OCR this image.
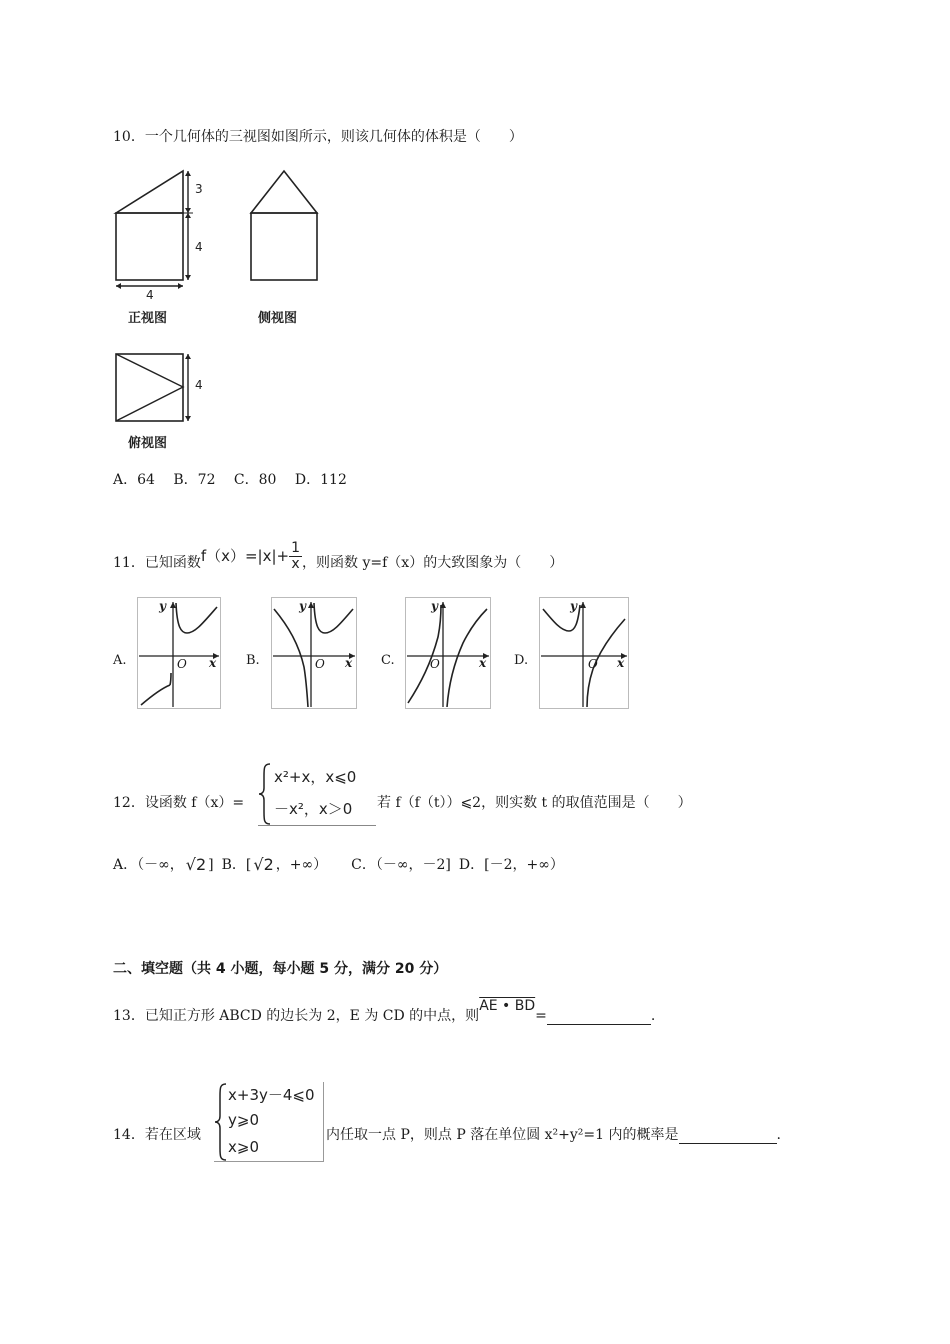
10．一个几何体的三视图如图所示，则该几何体的体积是（　　）
3
4
4
4
正视图	侧视图
俯视图
A．64　 B．72　 C．80　 D．112
11．已知函数 $f(x)=|x|+ \frac{1}{x}$ ，则函数 y=f（x）的大致图象为（　　）
A.
y
x
O	B.
y
x
O	C.
y
x
O	D.
y
x
O
12．设函数 f（x）=
x²+x，x⩽0
－x²，x＞0 若 f（f（t））⩽2，则实数 t 的取值范围是（　　）
A．（－∞， √2 ] B．[ √2 ，+∞） C．（－∞，－2] D．[－2，+∞）
二、填空题（共 4 小题，每小题 5 分，满分 20 分）
13．已知正方形 ABCD 的边长为 2，E 为 CD 的中点，则
AE • BD
=	.
14．若在区域
x+3y－4⩽0
y⩾0
x⩾0
内任取一点 P，则点 P 落在单位圆 x²+y²=1 内的概率是	.
